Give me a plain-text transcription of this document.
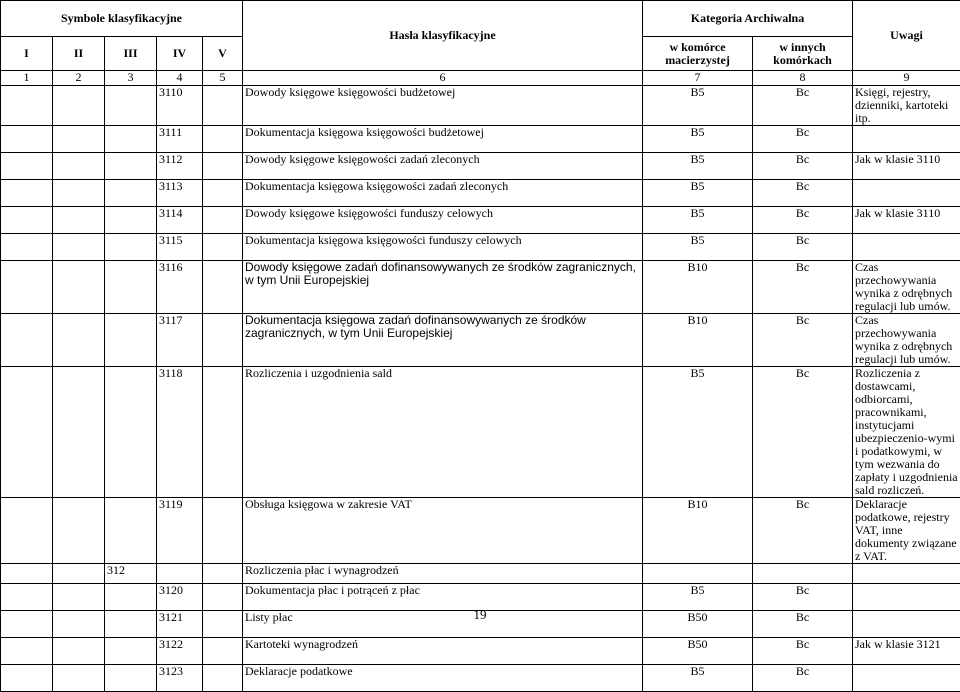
Symbole klasyfikacyjne					Hasła klasyfikacyjne	Kategoria Archiwalna		Uwagi
I	II	III	IV	V		w komórce macierzystej	w innych komórkach	
1	2	3	4	5	6	7	8	9
			3110		Dowody księgowe księgowości budżetowej	B5	Bc	Księgi, rejestry, dzienniki, kartoteki itp.
			3111		Dokumentacja księgowa księgowości budżetowej	B5	Bc	
			3112		Dowody księgowe księgowości zadań zleconych	B5	Bc	Jak w klasie 3110
			3113		Dokumentacja księgowa księgowości zadań zleconych	B5	Bc	
			3114		Dowody księgowe księgowości funduszy celowych	B5	Bc	Jak w klasie 3110
			3115		Dokumentacja księgowa księgowości funduszy celowych	B5	Bc	
			3116		Dowody księgowe zadań dofinansowywanych ze środków zagranicznych, w tym Unii Europejskiej	B10	Bc	Czas przechowywania wynika z odrębnych regulacji lub umów.
			3117		Dokumentacja księgowa zadań dofinansowywanych ze środków zagranicznych, w tym Unii Europejskiej	B10	Bc	Czas przechowywania wynika z odrębnych regulacji lub umów.
			3118		Rozliczenia i uzgodnienia sald	B5	Bc	Rozliczenia z dostawcami, odbiorcami, pracownikami, instytucjami ubezpieczenio-wymi i podatkowymi, w tym wezwania do zapłaty i uzgodnienia sald rozliczeń.
			3119		Obsługa księgowa w zakresie VAT	B10	Bc	Deklaracje podatkowe, rejestry VAT, inne dokumenty związane z VAT.
		312			Rozliczenia płac i wynagrodzeń			
			3120		Dokumentacja płac i potrąceń z płac	B5	Bc	
			3121		Listy płac	B50	Bc	
			3122		Kartoteki wynagrodzeń	B50	Bc	Jak w klasie 3121
			3123		Deklaracje podatkowe	B5	Bc	
19
